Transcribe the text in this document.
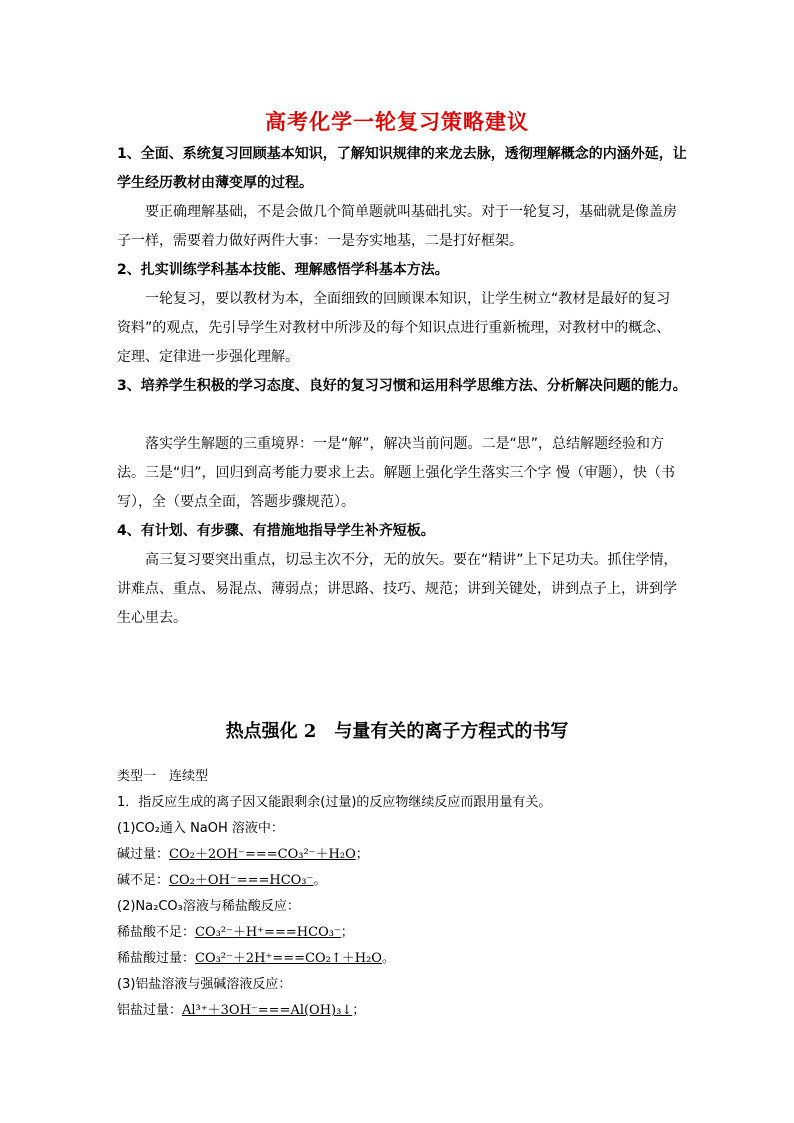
高考化学一轮复习策略建议
1、全面、系统复习回顾基本知识，了解知识规律的来龙去脉，透彻理解概念的内涵外延，让学生经历教材由薄变厚的过程。
要正确理解基础，不是会做几个简单题就叫基础扎实。对于一轮复习，基础就是像盖房子一样，需要着力做好两件大事：一是夯实地基，二是打好框架。
2、扎实训练学科基本技能、理解感悟学科基本方法。
一轮复习，要以教材为本，全面细致的回顾课本知识，让学生树立“教材是最好的复习资料”的观点，先引导学生对教材中所涉及的每个知识点进行重新梳理，对教材中的概念、定理、定律进一步强化理解。
3、培养学生积极的学习态度、良好的复习习惯和运用科学思维方法、分析解决问题的能力。
落实学生解题的三重境界：一是“解”，解决当前问题。二是“思”，总结解题经验和方法。三是“归”，回归到高考能力要求上去。解题上强化学生落实三个字 慢（审题），快（书写），全（要点全面，答题步骤规范）。
4、有计划、有步骤、有措施地指导学生补齐短板。
高三复习要突出重点，切忌主次不分，无的放矢。要在“精讲”上下足功夫。抓住学情，讲难点、重点、易混点、薄弱点；讲思路、技巧、规范；讲到关键处，讲到点子上，讲到学生心里去。
热点强化 2　与量有关的离子方程式的书写
类型一　连续型
1．指反应生成的离子因又能跟剩余(过量)的反应物继续反应而跟用量有关。
(1)CO₂通入 NaOH 溶液中：
碱过量：CO₂＋2OH⁻===CO₃²⁻＋H₂O；
碱不足：CO₂＋OH⁻===HCO₃⁻。
(2)Na₂CO₃溶液与稀盐酸反应：
稀盐酸不足：CO₃²⁻＋H⁺===HCO₃⁻；
稀盐酸过量：CO₃²⁻＋2H⁺===CO₂↑＋H₂O。
(3)铝盐溶液与强碱溶液反应：
铝盐过量：Al³⁺＋3OH⁻===Al(OH)₃↓；
